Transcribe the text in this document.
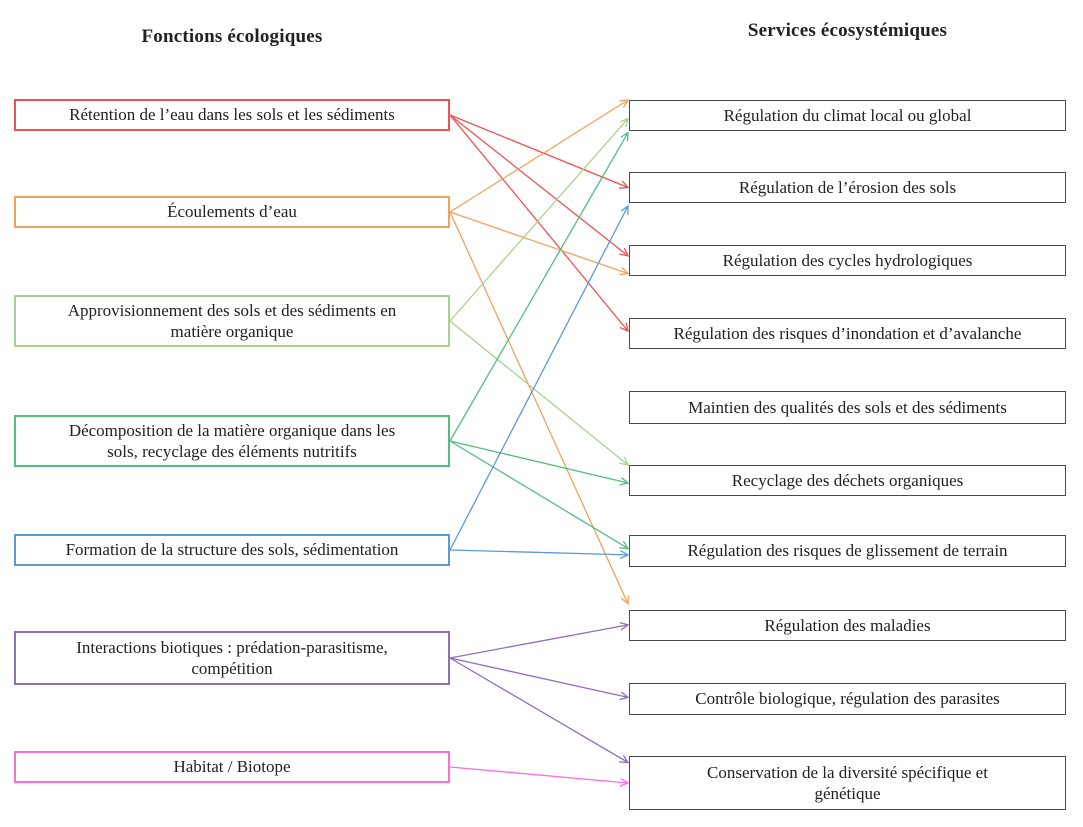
Fonctions écologiques	Services écosystémiques
Rétention de l’eau dans les sols et les sédiments
Écoulements d’eau
Approvisionnement des sols et des sédiments en
matière organique
Décomposition de la matière organique dans les
sols, recyclage des éléments nutritifs
Formation de la structure des sols, sédimentation
Interactions biotiques : prédation-parasitisme,
compétition
Habitat / Biotope
Régulation du climat local ou global
Régulation de l’érosion des sols
Régulation des cycles hydrologiques
Régulation des risques d’inondation et d’avalanche
Maintien des qualités des sols et des sédiments
Recyclage des déchets organiques
Régulation des risques de glissement de terrain
Régulation des maladies
Contrôle biologique, régulation des parasites
Conservation de la diversité spécifique et
génétique
